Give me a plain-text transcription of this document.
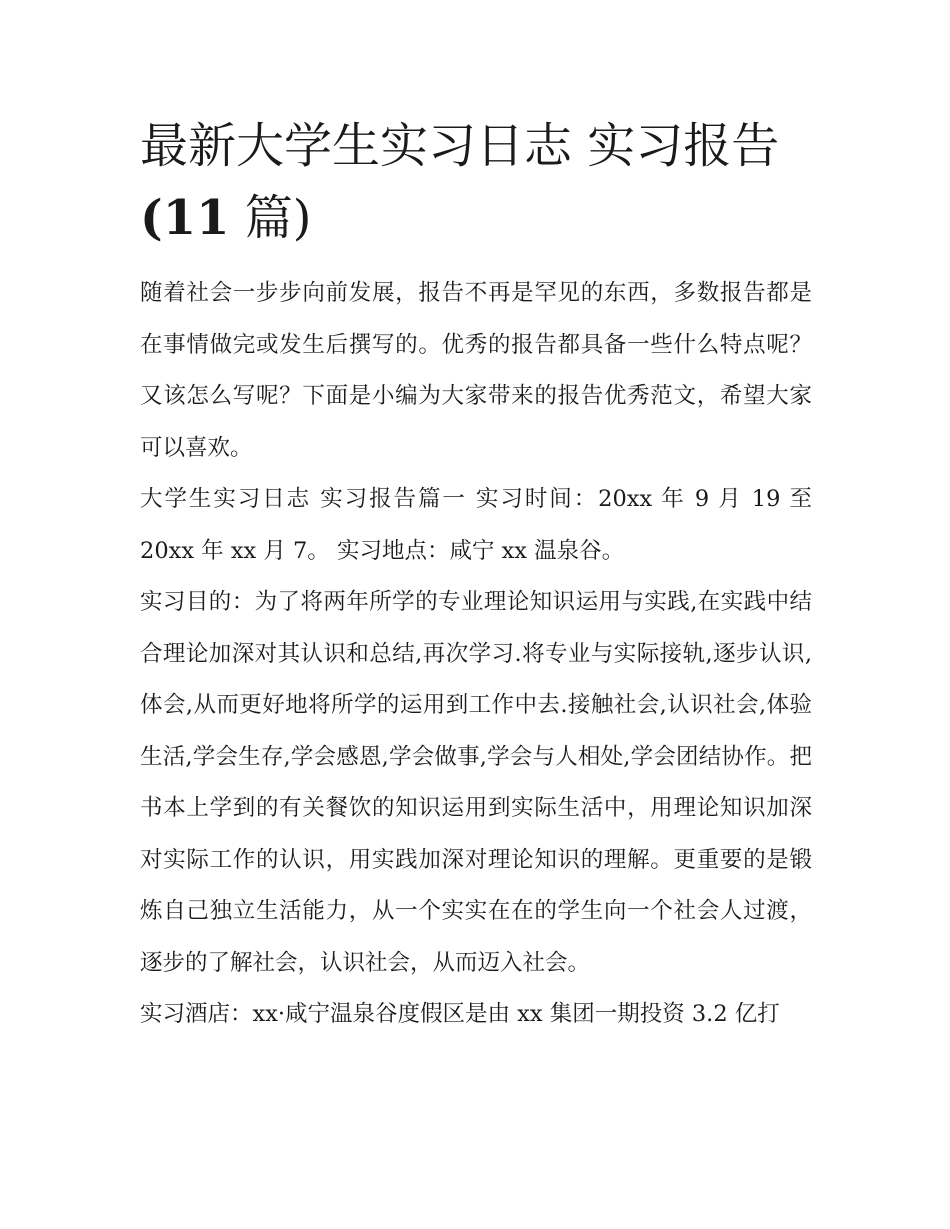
最新大学生实习日志 实习报告
(11 篇)

随着社会一步步向前发展，报告不再是罕见的东西，多数报告都是在事情做完或发生后撰写的。优秀的报告都具备一些什么特点呢？又该怎么写呢？下面是小编为大家带来的报告优秀范文，希望大家可以喜欢。

大学生实习日志 实习报告篇一 实习时间：20xx 年 9 月 19 至 20xx 年 xx 月 7。 实习地点：咸宁 xx 温泉谷。

实习目的：为了将两年所学的专业理论知识运用与实践,在实践中结合理论加深对其认识和总结,再次学习.将专业与实际接轨,逐步认识,体会,从而更好地将所学的运用到工作中去.接触社会,认识社会,体验生活,学会生存,学会感恩,学会做事,学会与人相处,学会团结协作。把书本上学到的有关餐饮的知识运用到实际生活中，用理论知识加深对实际工作的认识，用实践加深对理论知识的理解。更重要的是锻炼自己独立生活能力，从一个实实在在的学生向一个社会人过渡，逐步的了解社会，认识社会，从而迈入社会。

实习酒店：xx·咸宁温泉谷度假区是由 xx 集团一期投资 3.2 亿打
